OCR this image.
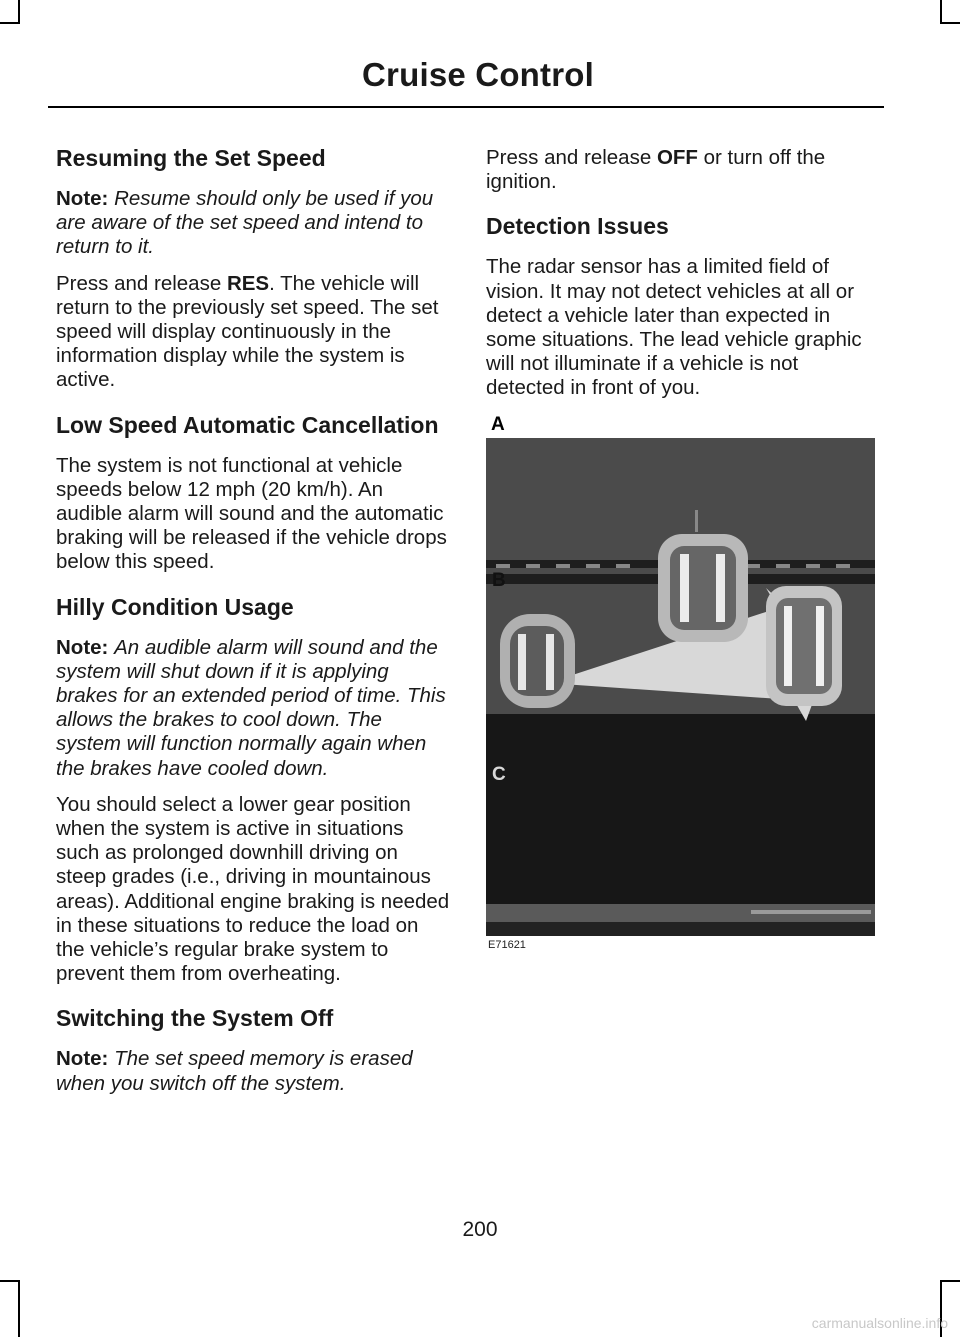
Cruise Control
Resuming the Set Speed

Note: Resume should only be used if you are aware of the set speed and intend to return to it.

Press and release RES. The vehicle will return to the previously set speed. The set speed will display continuously in the information display while the system is active.

Low Speed Automatic Cancellation

The system is not functional at vehicle speeds below 12 mph (20 km/h). An audible alarm will sound and the automatic braking will be released if the vehicle drops below this speed.

Hilly Condition Usage

Note: An audible alarm will sound and the system will shut down if it is applying brakes for an extended period of time. This allows the brakes to cool down. The system will function normally again when the brakes have cooled down.

You should select a lower gear position when the system is active in situations such as prolonged downhill driving on steep grades (i.e., driving in mountainous areas). Additional engine braking is needed in these situations to reduce the load on the vehicle’s regular brake system to prevent them from overheating.

Switching the System Off

Note: The set speed memory is erased when you switch off the system.

Press and release OFF or turn off the ignition.

Detection Issues

The radar sensor has a limited field of vision. It may not detect vehicles at all or detect a vehicle later than expected in some situations. The lead vehicle graphic will not illuminate if a vehicle is not detected in front of you.

A
B
C
E71621
200
carmanualsonline.info
